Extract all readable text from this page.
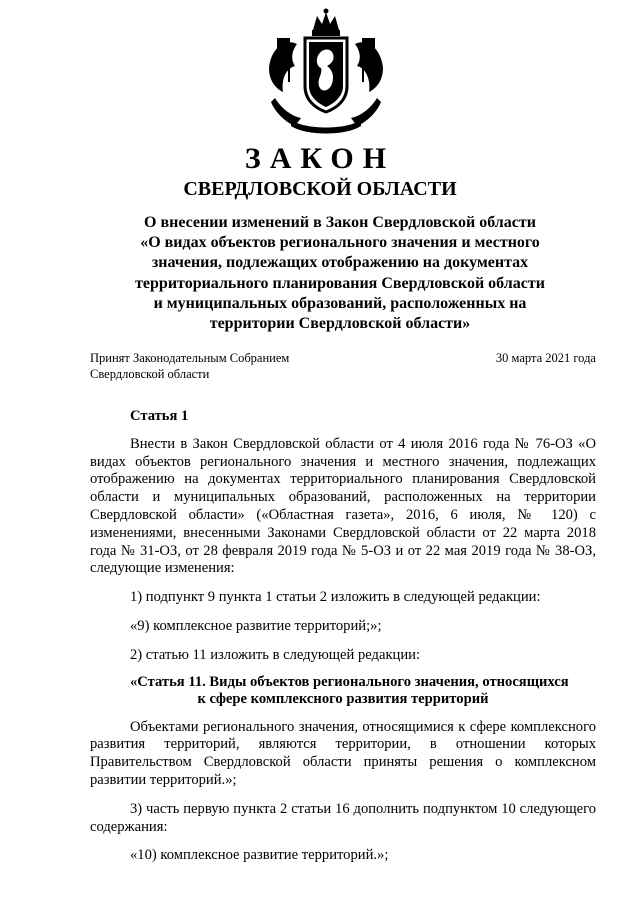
ЗАКОН
СВЕРДЛОВСКОЙ ОБЛАСТИ
О внесении изменений в Закон Свердловской области
«О видах объектов регионального значения и местного
значения, подлежащих отображению на документах
территориального планирования Свердловской области
и муниципальных образований, расположенных на
территории Свердловской области»
Принят Законодательным Собранием
Свердловской области
30 марта 2021 года
Статья 1

Внести в Закон Свердловской области от 4 июля 2016 года № 76-ОЗ «О видах объектов регионального значения и местного значения, подлежащих отображению на документах территориального планирования Свердловской области и муниципальных образований, расположенных на территории Свердловской области» («Областная газета», 2016, 6 июля, № 120) с изменениями, внесенными Законами Свердловской области от 22 марта 2018 года № 31-ОЗ, от 28 февраля 2019 года № 5-ОЗ и от 22 мая 2019 года № 38-ОЗ, следующие изменения:

1) подпункт 9 пункта 1 статьи 2 изложить в следующей редакции:

«9) комплексное развитие территорий;»;

2) статью 11 изложить в следующей редакции:

«Статья 11. Виды объектов регионального значения, относящихся
к сфере комплексного развития территорий

Объектами регионального значения, относящимися к сфере комплексного развития территорий, являются территории, в отношении которых Правительством Свердловской области приняты решения о комплексном развитии территорий.»;

3) часть первую пункта 2 статьи 16 дополнить подпунктом 10 следующего содержания:

«10) комплексное развитие территорий.»;
